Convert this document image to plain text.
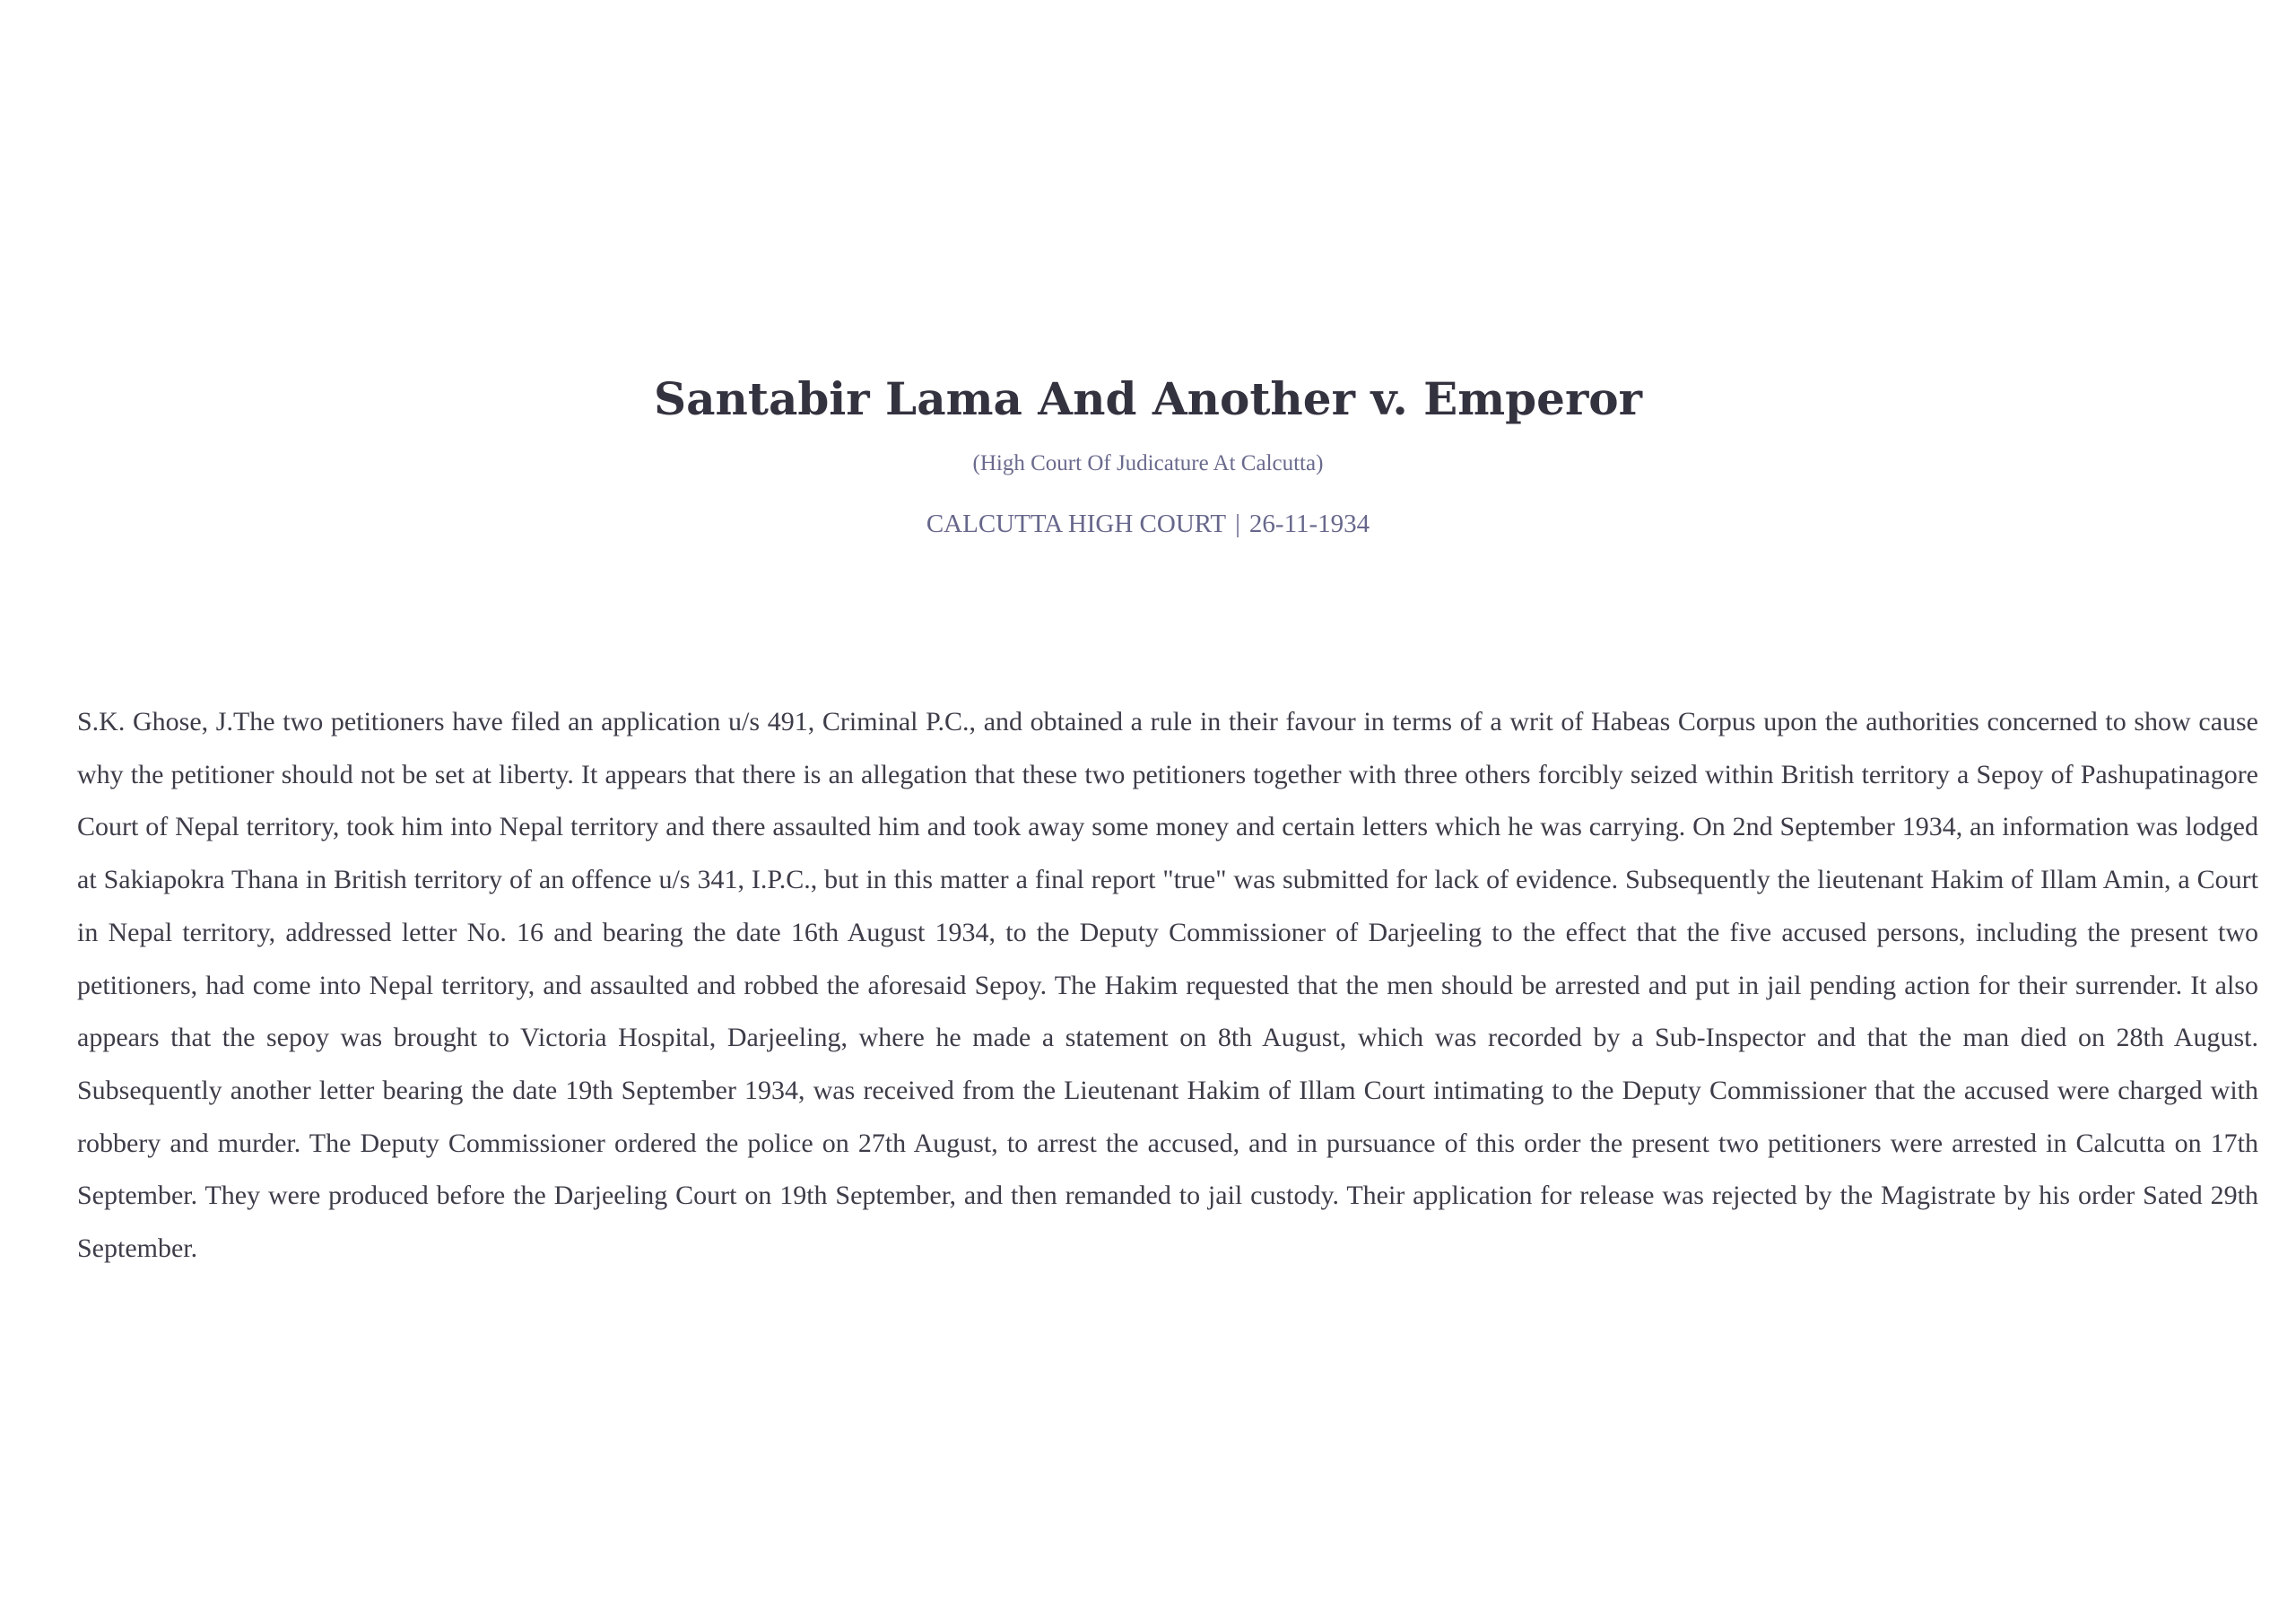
Santabir Lama And Another v. Emperor
(High Court Of Judicature At Calcutta)
CALCUTTA HIGH COURT | 26-11-1934

S.K. Ghose, J.The two petitioners have filed an application u/s 491, Criminal P.C., and obtained a rule in their favour in terms of a writ of Habeas Corpus upon the authorities concerned to show cause why the petitioner should not be set at liberty. It appears that there is an allegation that these two petitioners together with three others forcibly seized within British territory a Sepoy of Pashupatinagore Court of Nepal territory, took him into Nepal territory and there assaulted him and took away some money and certain letters which he was carrying. On 2nd September 1934, an information was lodged at Sakiapokra Thana in British territory of an offence u/s 341, I.P.C., but in this matter a final report "true" was submitted for lack of evidence. Subsequently the lieutenant Hakim of Illam Amin, a Court in Nepal territory, addressed letter No. 16 and bearing the date 16th August 1934, to the Deputy Commissioner of Darjeeling to the effect that the five accused persons, including the present two petitioners, had come into Nepal territory, and assaulted and robbed the aforesaid Sepoy. The Hakim requested that the men should be arrested and put in jail pending action for their surrender. It also appears that the sepoy was brought to Victoria Hospital, Darjeeling, where he made a statement on 8th August, which was recorded by a Sub-Inspector and that the man died on 28th August. Subsequently another letter bearing the date 19th September 1934, was received from the Lieutenant Hakim of Illam Court intimating to the Deputy Commissioner that the accused were charged with robbery and murder. The Deputy Commissioner ordered the police on 27th August, to arrest the accused, and in pursuance of this order the present two petitioners were arrested in Calcutta on 17th September. They were produced before the Darjeeling Court on 19th September, and then remanded to jail custody. Their application for release was rejected by the Magistrate by his order Sated 29th September.
